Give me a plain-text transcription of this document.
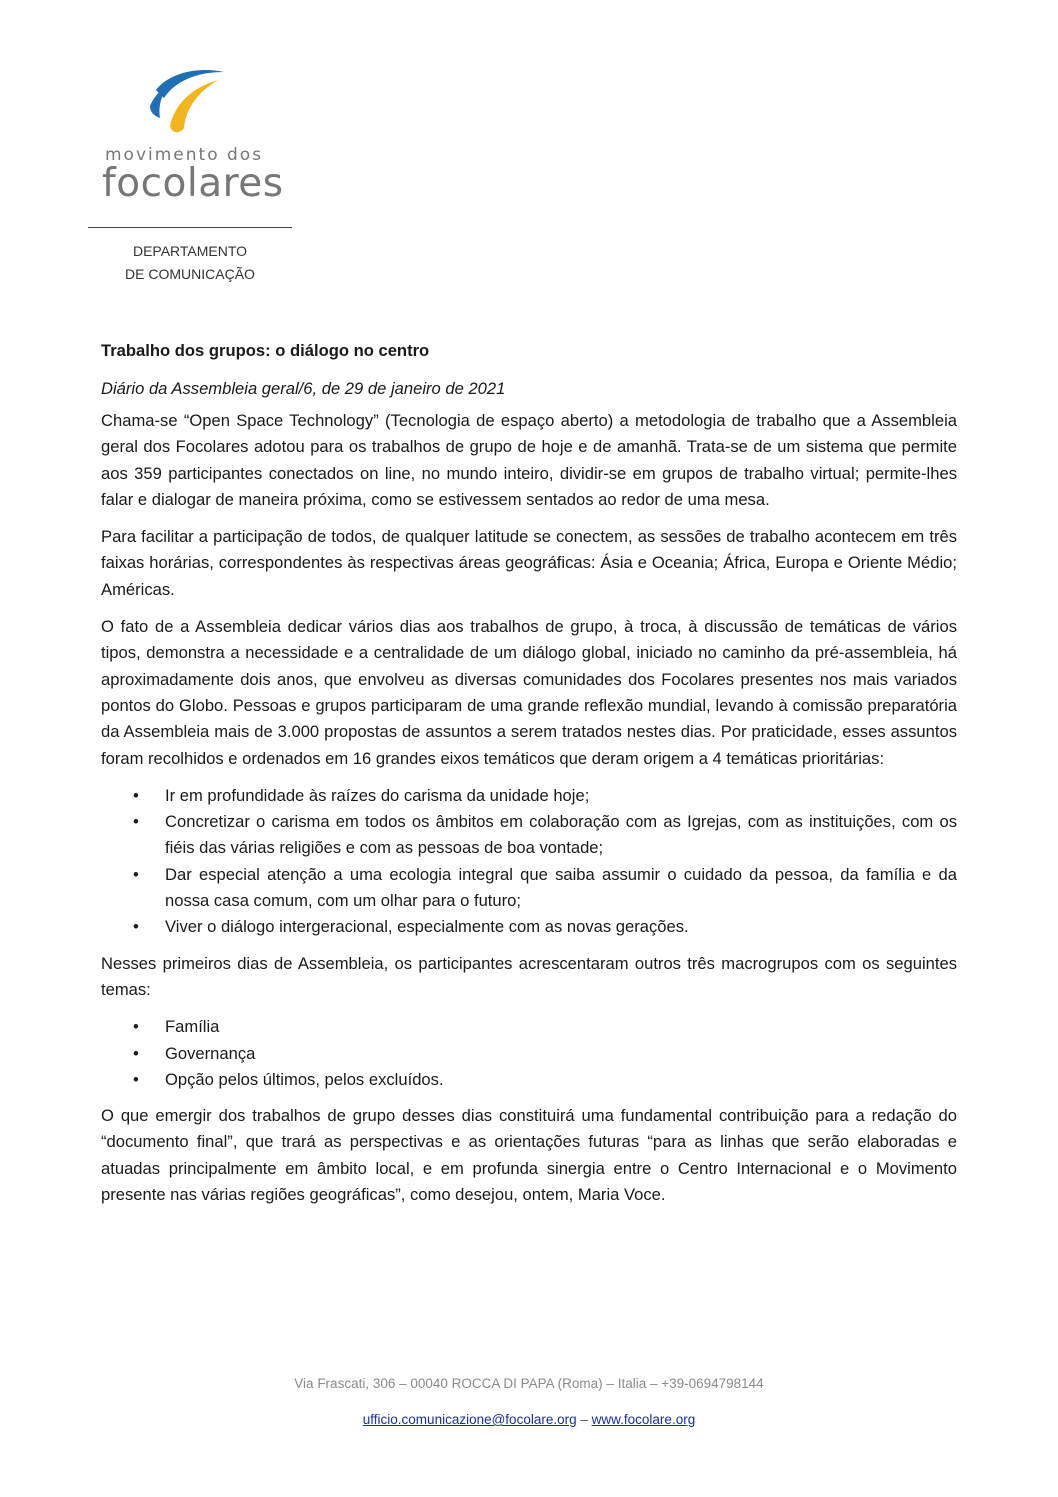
movimento dos
focolares
DEPARTAMENTO
DE COMUNICAÇÃO
Trabalho dos grupos: o diálogo no centro
Diário da Assembleia geral/6, de 29 de janeiro de 2021

Chama-se “Open Space Technology” (Tecnologia de espaço aberto) a metodologia de trabalho que a Assembleia geral dos Focolares adotou para os trabalhos de grupo de hoje e de amanhã. Trata-se de um sistema que permite aos 359 participantes conectados on line, no mundo inteiro, dividir-se em grupos de trabalho virtual; permite-lhes falar e dialogar de maneira próxima, como se estivessem sentados ao redor de uma mesa.

Para facilitar a participação de todos, de qualquer latitude se conectem, as sessões de trabalho acontecem em três faixas horárias, correspondentes às respectivas áreas geográficas: Ásia e Oceania; África, Europa e Oriente Médio; Américas.

O fato de a Assembleia dedicar vários dias aos trabalhos de grupo, à troca, à discussão de temáticas de vários tipos, demonstra a necessidade e a centralidade de um diálogo global, iniciado no caminho da pré-assembleia, há aproximadamente dois anos, que envolveu as diversas comunidades dos Focolares presentes nos mais variados pontos do Globo. Pessoas e grupos participaram de uma grande reflexão mundial, levando à comissão preparatória da Assembleia mais de 3.000 propostas de assuntos a serem tratados nestes dias. Por praticidade, esses assuntos foram recolhidos e ordenados em 16 grandes eixos temáticos que deram origem a 4 temáticas prioritárias:

• Ir em profundidade às raízes do carisma da unidade hoje;
• Concretizar o carisma em todos os âmbitos em colaboração com as Igrejas, com as instituições, com os fiéis das várias religiões e com as pessoas de boa vontade;
• Dar especial atenção a uma ecologia integral que saiba assumir o cuidado da pessoa, da família e da nossa casa comum, com um olhar para o futuro;
• Viver o diálogo intergeracional, especialmente com as novas gerações.

Nesses primeiros dias de Assembleia, os participantes acrescentaram outros três macrogrupos com os seguintes temas:

• Família
• Governança
• Opção pelos últimos, pelos excluídos.

O que emergir dos trabalhos de grupo desses dias constituirá uma fundamental contribuição para a redação do “documento final”, que trará as perspectivas e as orientações futuras “para as linhas que serão elaboradas e atuadas principalmente em âmbito local, e em profunda sinergia entre o Centro Internacional e o Movimento presente nas várias regiões geográficas”, como desejou, ontem, Maria Voce.

Via Frascati, 306 – 00040 ROCCA DI PAPA (Roma) – Italia – +39-0694798144
ufficio.comunicazione@focolare.org – www.focolare.org
